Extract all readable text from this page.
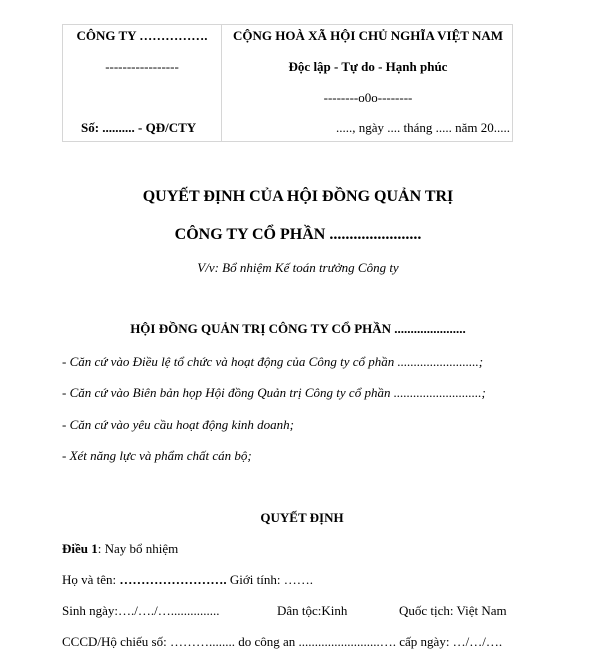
CÔNG TY …………….
-----------------
Số: .......... - QĐ/CTY
CỘNG HOÀ XÃ HỘI CHỦ NGHĨA VIỆT NAM
Độc lập - Tự do - Hạnh phúc
--------o0o--------
....., ngày .... tháng ..... năm 20.....
QUYẾT ĐỊNH CỦA HỘI ĐỒNG QUẢN TRỊ
CÔNG TY CỔ PHẦN .......................
V/v: Bổ nhiệm Kế toán trưởng Công ty
HỘI ĐỒNG QUẢN TRỊ CÔNG TY CỔ PHẦN ......................
- Căn cứ vào Điều lệ tổ chức và hoạt động của Công ty cổ phần .........................;
- Căn cứ vào Biên bản họp Hội đồng Quản trị Công ty cổ phần ...........................;
- Căn cứ vào yêu cầu hoạt động kinh doanh;
- Xét năng lực và phẩm chất cán bộ;
QUYẾT ĐỊNH
Điều 1: Nay bổ nhiệm
Họ và tên: ……………………. Giới tính: …….
Sinh ngày:…./…./…...............	Dân tộc:Kinh	Quốc tịch: Việt Nam
CCCD/Hộ chiếu số: ………........ do công an .........................…. cấp ngày: …/…/….
